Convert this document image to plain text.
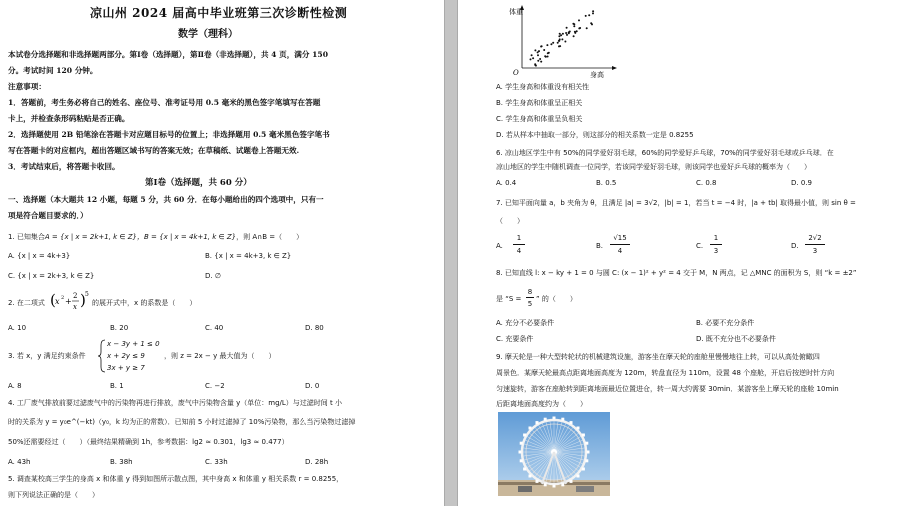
凉山州 2024 届高中毕业班第三次诊断性检测
数学（理科）
本试卷分选择题和非选择题两部分。第Ⅰ卷（选择题），第Ⅱ卷（非选择题），共 4 页，满分 150
分。考试时间 120 分钟。
注意事项：
1．答题前，考生务必将自己的姓名、座位号、准考证号用 0.5 毫米的黑色签字笔填写在答题
卡上，并检查条形码粘贴是否正确。
2．选择题使用 2B 铅笔涂在答题卡对应题目标号的位置上；非选择题用 0.5 毫米黑色签字笔书
写在答题卡的对应框内，超出答题区域书写的答案无效；在草稿纸、试题卷上答题无效.
3．考试结束后，将答题卡收回。
第Ⅰ卷（选择题，共 60 分）
一、选择题（本大题共 12 小题，每题 5 分，共 60 分．在每小题给出的四个选项中，只有一
项是符合题目要求的．）
1. 已知集合A = {x | x = 2k+1, k ∈ Z}，B = {x | x = 4k+1, k ∈ Z}，则 A∩B =（　　）
A. {x | x = 4k+3}	B. {x | x = 4k+3, k ∈ Z}
C. {x | x = 2k+3, k ∈ Z}	D. ∅
2. 在二项式 ( x 2 +
2
x ) 5
的展开式中，x 的系数是（　　）
A. 10	B. 20	C. 40	D. 80
3. 若 x，y 满足约束条件
x − 3y + 1 ≤ 0
x + 2y ≤ 9
3x + y ≥ 7
，则 z = 2x − y 最大值为（　　）
A. 8	B. 1	C. −2	D. 0
4. 工厂废气排放前要过滤废气中的污染物再进行排放，废气中污染物含量 y（单位：mg/L）与过滤时间 t 小
时的关系为 y = y₀e^(−kt)（y₀，k 均为正的常数）．已知前 5 小时过滤掉了 10%污染物，那么当污染物过滤掉
50%还需要经过（　　）（最终结果精确到 1h，参考数据：lg2 ≈ 0.301，lg3 ≈ 0.477）
A. 43h	B. 38h	C. 33h	D. 28h
5. 调查某校高三学生的身高 x 和体重 y 得到如图所示散点图，其中身高 x 和体重 y 相关系数 r = 0.8255，
则下列说法正确的是（　　）
体重
身高
O
A. 学生身高和体重没有相关性
B. 学生身高和体重呈正相关
C. 学生身高和体重呈负相关
D. 若从样本中抽取一部分，则这部分的相关系数一定是 0.8255
6. 凉山地区学生中有 50%的同学爱好羽毛球，60%的同学爱好乒乓球，70%的同学爱好羽毛球或乒乓球．在
凉山地区的学生中随机调查一位同学，若该同学爱好羽毛球，则该同学也爱好乒乓球的概率为（　　）
A. 0.4	B. 0.5	C. 0.8	D. 0.9
7. 已知平面向量 a，b 夹角为 θ，且满足 |a| = 3√2，|b| = 1，若当 t = −4 时，|a + tb| 取得最小值，则 sin θ =
（　　）
A.
1
4
B.
√15
4
C.
1
3
D.
2√2
3
8. 已知直线 l: x − ky + 1 = 0 与圆 C: (x − 1)² + y² = 4 交于 M，N 两点，记 △MNC 的面积为 S，则 “k = ±2”
是 “S =
8
5
” 的（　　）
A. 充分不必要条件	B. 必要不充分条件
C. 充要条件	D. 既不充分也不必要条件
9. 摩天轮是一种大型转轮状的机械建筑设施，游客坐在摩天轮的座舱里慢慢地往上转，可以从高处俯瞰四
周景色．某摩天轮最高点距离地面高度为 120m，转盘直径为 110m，设置 48 个座舱，开启后按逆时针方向
匀速旋转，游客在座舱转到距离地面最近位置进仓，转一周大约需要 30min．某游客坐上摩天轮的座舱 10min
后距离地面高度约为（　　）
